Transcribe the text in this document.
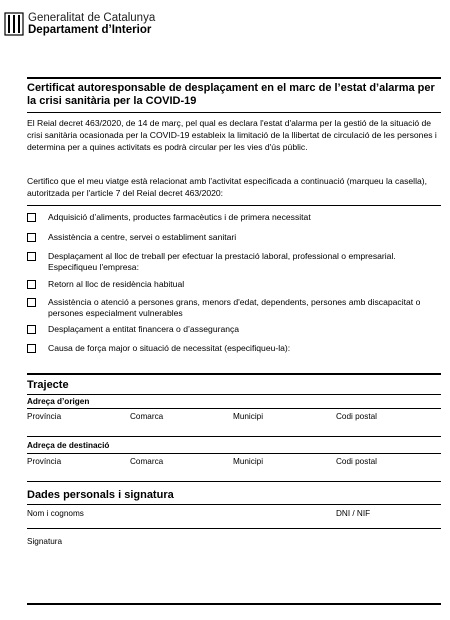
Generalitat de Catalunya
Departament d’Interior
Certificat autoresponsable de desplaçament en el marc de l’estat d’alarma per la crisi sanitària per la COVID-19

El Reial decret 463/2020, de 14 de març, pel qual es declara l'estat d'alarma per la gestió de la situació de crisi sanitària ocasionada per la COVID-19 estableix la limitació de la llibertat de circulació de les persones i determina per a quines activitats es podrà circular per les vies d'ús públic.

Certifico que el meu viatge està relacionat amb l'activitat especificada a continuació (marqueu la casella), autoritzada per l'article 7 del Reial decret 463/2020:

Adquisició d’aliments, productes farmacèutics i de primera necessitat
Assistència a centre, servei o establiment sanitari
Desplaçament al lloc de treball per efectuar la prestació laboral, professional o empresarial. Especifiqueu l'empresa:
Retorn al lloc de residència habitual
Assistència o atenció a persones grans, menors d'edat, dependents, persones amb discapacitat o persones especialment vulnerables
Desplaçament a entitat financera o d’assegurança
Causa de força major o situació de necessitat (especifiqueu-la):
Trajecte
Adreça d’origen
Província	Comarca	Municipi	Codi postal
Adreça de destinació
Província	Comarca	Municipi	Codi postal
Dades personals i signatura
Nom i cognoms	DNI / NIF
Signatura
